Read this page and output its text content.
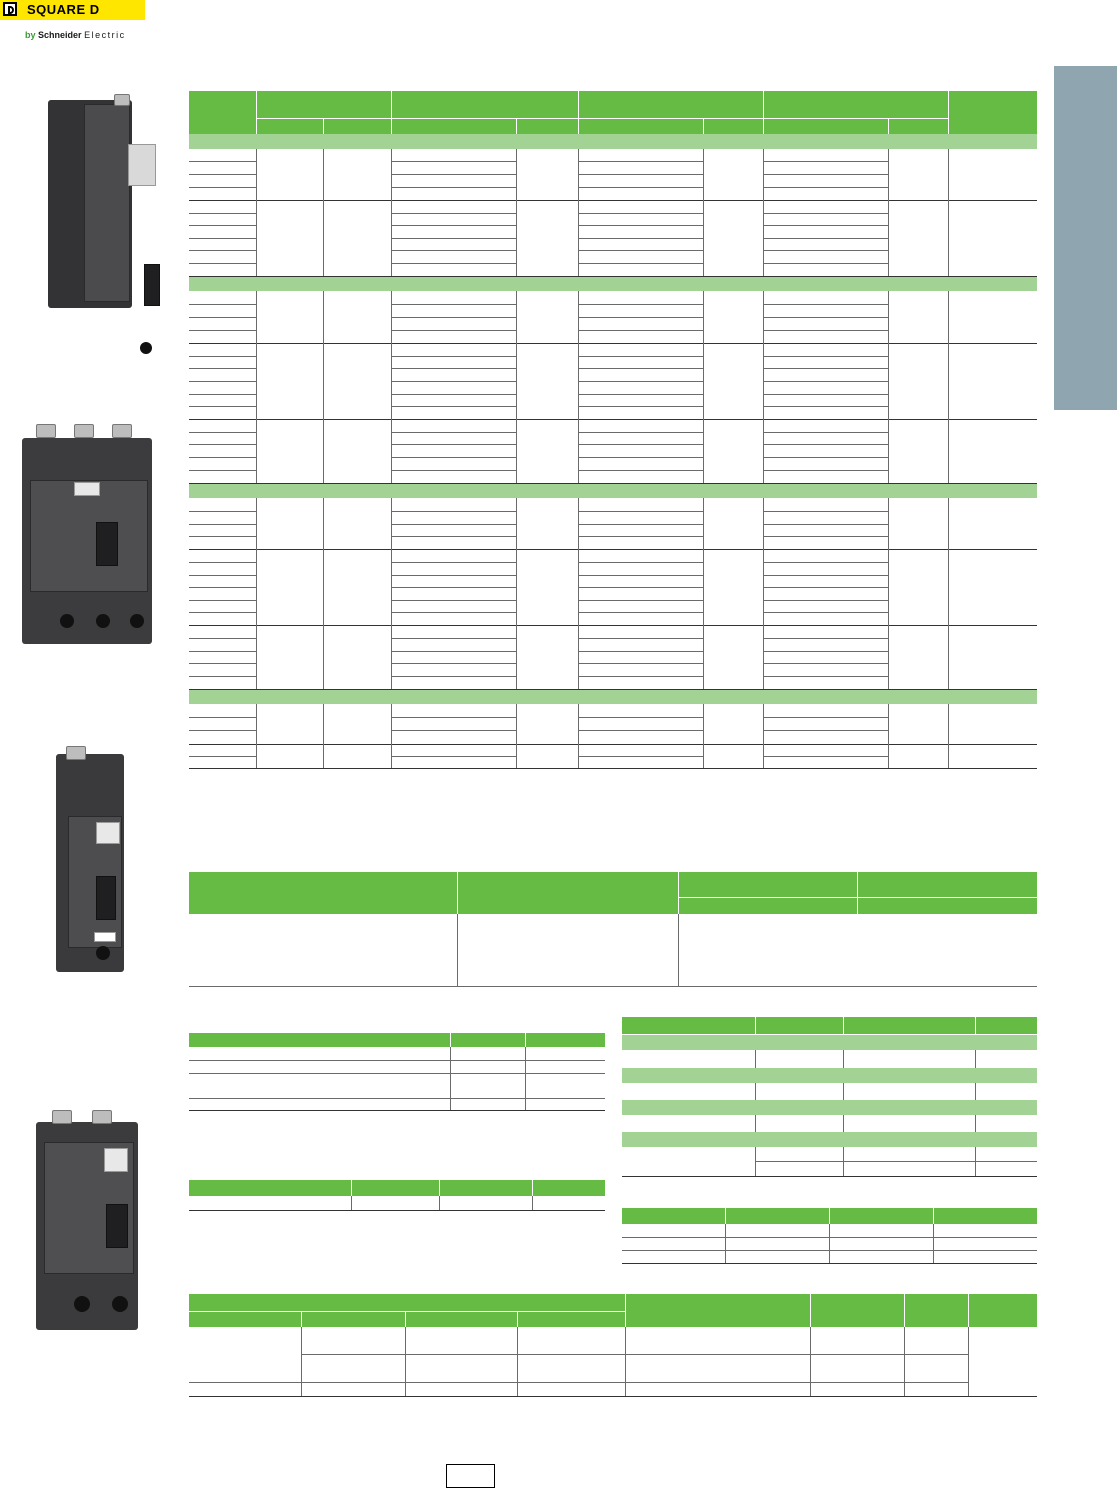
SQUARE D
by Schneider Electric
